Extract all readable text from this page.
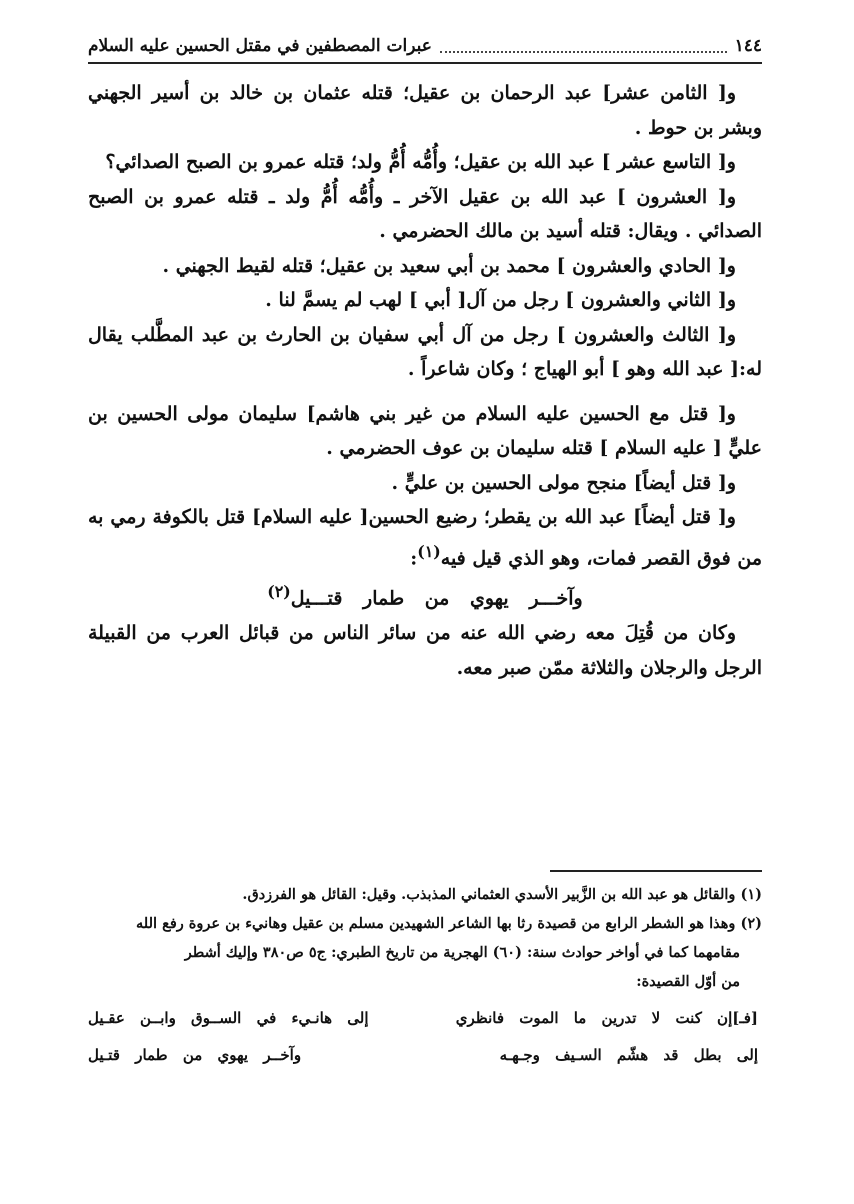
١٤٤
عبرات المصطفين في مقتل الحسين عليه السلام

و[ الثامن عشر] عبد الرحمان بن عقيل؛ قتله عثمان بن خالد بن أسير الجهني وبشر بن حوط .

و[ التاسع عشر ] عبد الله بن عقيل؛ وأُمُّه أُمُّ ولد؛ قتله عمرو بن الصبح الصدائي؟

و[ العشرون ] عبد الله بن عقيل الآخر ـ وأُمُّه أُمُّ ولد ـ قتله عمرو بن الصبح الصدائي . ويقال: قتله أسيد بن مالك الحضرمي .

و[ الحادي والعشرون ] محمد بن أبي سعيد بن عقيل؛ قتله لقيط الجهني .

و[ الثاني والعشرون ] رجل من آل[ أبي ] لهب لم يسمَّ لنا .

و[ الثالث والعشرون ] رجل من آل أبي سفيان بن الحارث بن عبد المطَّلب يقال له:[ عبد الله وهو ] أبو الهياج ؛ وكان شاعراً .

و[ قتل مع الحسين عليه السلام من غير بني هاشم] سليمان مولى الحسين بن عليٍّ [ عليه السلام ] قتله سليمان بن عوف الحضرمي .

و[ قتل أيضاً] منجح مولى الحسين بن عليٍّ .

و[ قتل أيضاً] عبد الله بن يقطر؛ رضيع الحسين[ عليه السلام] قتل بالكوفة رمي به من فوق القصر فمات، وهو الذي قيل فيه$^{(١)}$:

وآخـــر يهوي من طمار قتـــيل$^{(٢)}$

وكان من قُتِلَ معه رضي الله عنه من سائر الناس من قبائل العرب من القبيلة الرجل والرجلان والثلاثة ممّن صبر معه.

(١) والقائل هو عبد الله بن الزَّبير الأسدي العثماني المذبذب. وقيل: القائل هو الفرزدق.

(٢) وهذا هو الشطر الرابع من قصيدة رثا بها الشاعر الشهيدين مسلم بن عقيل وهانيء بن عروة رفع الله

مقامهما كما في أواخر حوادث سنة: (٦٠) الهجرية من تاريخ الطبري: ج٥ ص٣٨٠ وإليك أشطر

من أوّل القصيدة:

[فـ]إن كنت لا تدرين ما الموت فانظري
إلى هانـيء في الســوق وابــن عقـيل
إلى بطل قد هشّم السـيف وجـهـه
وآخــر يهوي من طمار قتـيل
